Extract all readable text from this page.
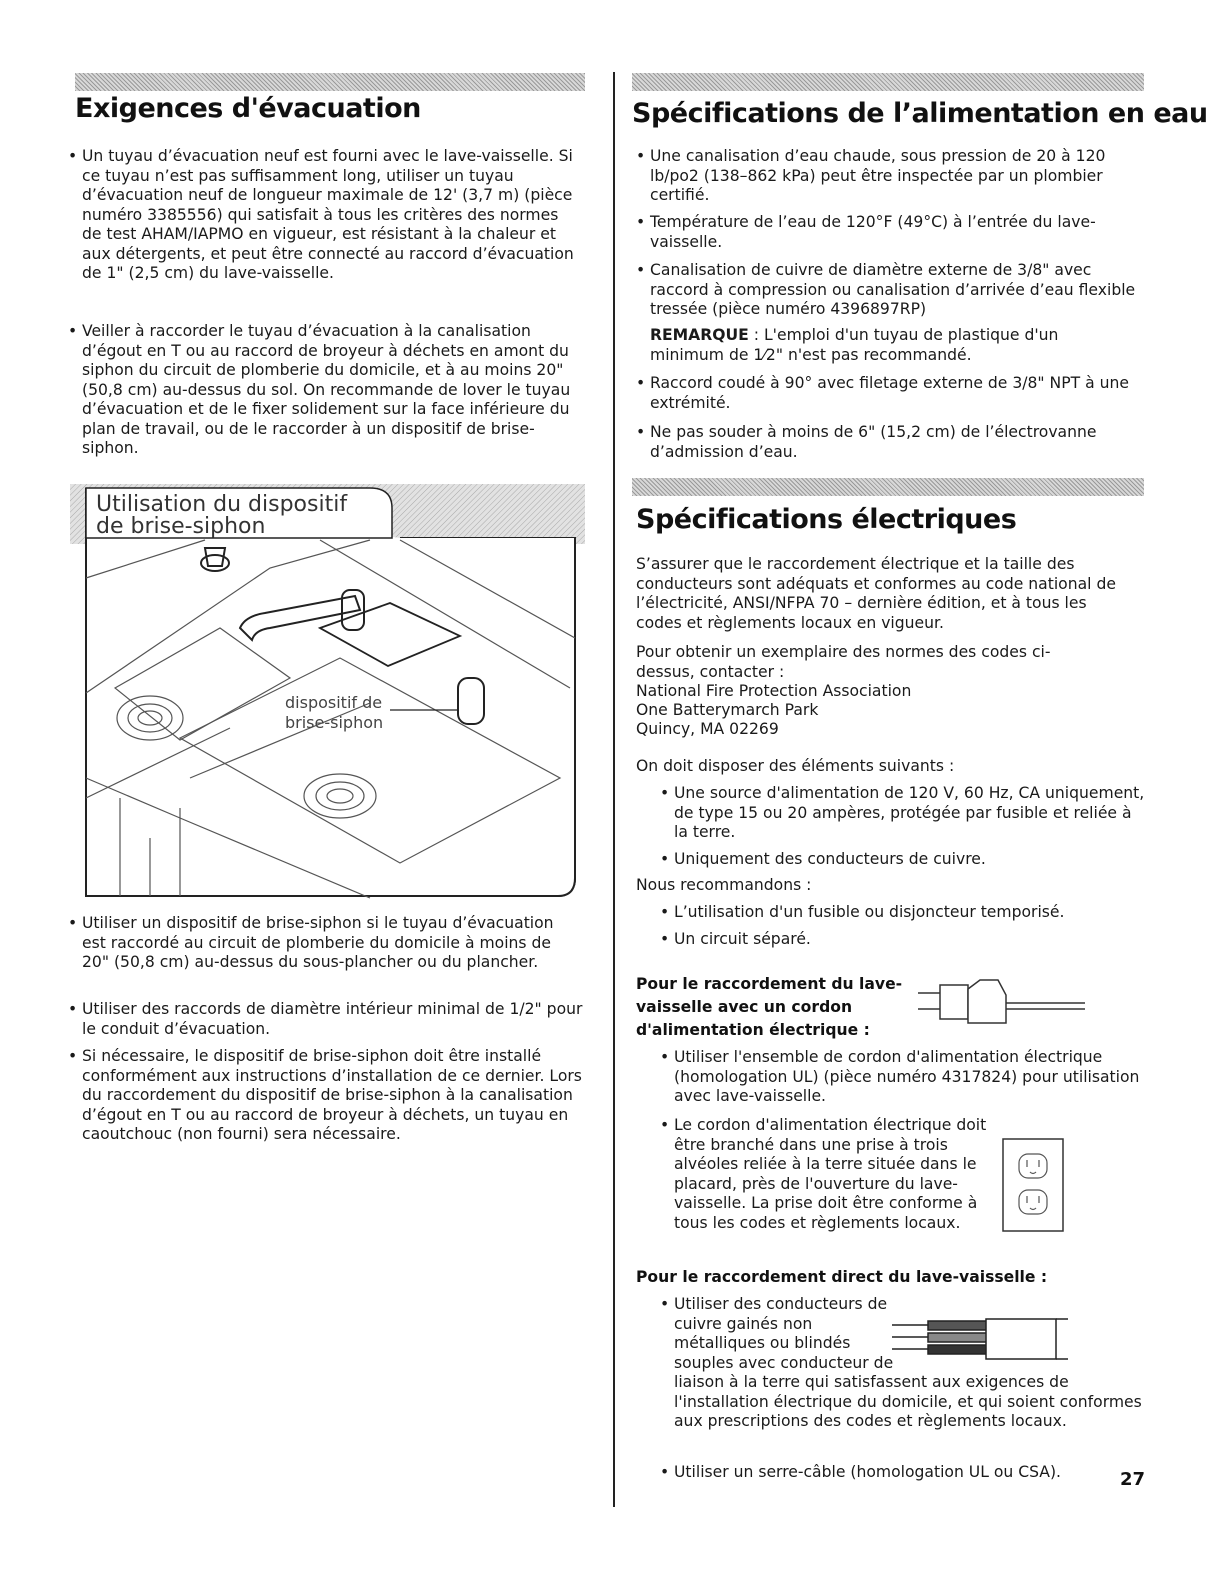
Exigences d'évacuation

• Un tuyau d’évacuation neuf est fourni avec le lave-vaisselle. Si ce tuyau n’est pas suffisamment long, utiliser un tuyau d’évacuation neuf de longueur maximale de 12' (3,7 m) (pièce numéro 3385556) qui satisfait à tous les critères des normes de test AHAM/IAPMO en vigueur, est résistant à la chaleur et aux détergents, et peut être connecté au raccord d’évacuation de 1" (2,5 cm) du lave-vaisselle.

• Veiller à raccorder le tuyau d’évacuation à la canalisation d’égout en T ou au raccord de broyeur à déchets en amont du siphon du circuit de plomberie du domicile, et à au moins 20" (50,8 cm) au-dessus du sol. On recommande de lover le tuyau d’évacuation et de le fixer solidement sur la face inférieure du plan de travail, ou de le raccorder à un dispositif de brise-siphon.

Utilisation du dispositif
de brise-siphon
dispositif de
brise-siphon

• Utiliser un dispositif de brise-siphon si le tuyau d’évacuation est raccordé au circuit de plomberie du domicile à moins de 20" (50,8 cm) au-dessus du sous-plancher ou du plancher.

• Utiliser des raccords de diamètre intérieur minimal de 1/2" pour le conduit d’évacuation.

• Si nécessaire, le dispositif de brise-siphon doit être installé conformément aux instructions d’installation de ce dernier. Lors du raccordement du dispositif de brise-siphon à la canalisation d’égout en T ou au raccord de broyeur à déchets, un tuyau en caoutchouc (non fourni) sera nécessaire.

Spécifications de l’alimentation en eau

• Une canalisation d’eau chaude, sous pression de 20 à 120 lb/po2 (138–862 kPa) peut être inspectée par un plombier certifié.

• Température de l’eau de 120°F (49°C) à l’entrée du lave-vaisselle.

• Canalisation de cuivre de diamètre externe de 3/8" avec raccord à compression ou canalisation d’arrivée d’eau flexible tressée (pièce numéro 4396897RP)

REMARQUE : L'emploi d'un tuyau de plastique d'un minimum de 1⁄2" n'est pas recommandé.

• Raccord coudé à 90° avec filetage externe de 3/8" NPT à une extrémité.

• Ne pas souder à moins de 6" (15,2 cm) de l’électrovanne d’admission d’eau.

Spécifications électriques

S’assurer que le raccordement électrique et la taille des conducteurs sont adéquats et conformes au code national de l’électricité, ANSI/NFPA 70 – dernière édition, et à tous les codes et règlements locaux en vigueur.

Pour obtenir un exemplaire des normes des codes ci-dessus, contacter :

National Fire Protection Association

One Batterymarch Park

Quincy, MA 02269

On doit disposer des éléments suivants :

• Une source d'alimentation de 120 V, 60 Hz, CA uniquement, de type 15 ou 20 ampères, protégée par fusible et reliée à la terre.

• Uniquement des conducteurs de cuivre.

Nous recommandons :

• L’utilisation d'un fusible ou disjoncteur temporisé.

• Un circuit séparé.

Pour le raccordement du lave-

vaisselle avec un cordon

d'alimentation électrique :

• Utiliser l'ensemble de cordon d'alimentation électrique (homologation UL) (pièce numéro 4317824) pour utilisation avec lave-vaisselle.

• Le cordon d'alimentation électrique doit être branché dans une prise à trois alvéoles reliée à la terre située dans le placard, près de l'ouverture du lave-vaisselle. La prise doit être conforme à tous les codes et règlements locaux.

Pour le raccordement direct du lave-vaisselle :

• Utiliser des conducteurs de cuivre gainés non métalliques ou blindés souples avec conducteur de liaison à la terre qui satisfassent aux exigences de l'installation électrique du domicile, et qui soient conformes aux prescriptions des codes et règlements locaux.

• Utiliser un serre-câble (homologation UL ou CSA).	27
